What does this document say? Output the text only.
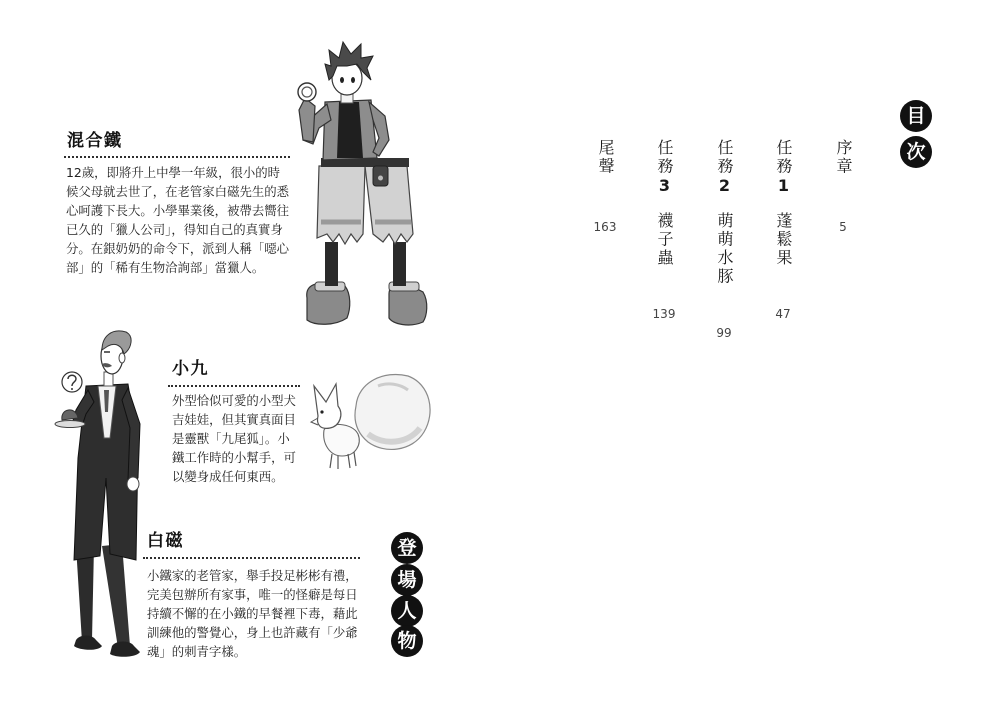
混合鐵
12歲，即將升上中學一年級，很小的時
候父母就去世了，在老管家白磁先生的悉
心呵護下長大。小學畢業後，被帶去嚮往
已久的「獵人公司」，得知自己的真實身
分。在銀奶奶的命令下，派到人稱「噁心
部」的「稀有生物洽詢部」當獵人。
小九
外型恰似可愛的小型犬
吉娃娃，但其實真面目
是靈獸「九尾狐」。小
鐵工作時的小幫手，可
以變身成任何東西。
白磁
小鐵家的老管家，舉手投足彬彬有禮，
完美包辦所有家事，唯一的怪癖是每日
持續不懈的在小鐵的早餐裡下毒，藉此
訓練他的警覺心，身上也許藏有「少爺
魂」的刺青字樣。
登
場
人
物
目
次
序章
5
任務1
蓬鬆果
47
任務2
萌萌水豚
99
任務3
襪子蟲
139
尾聲
163
